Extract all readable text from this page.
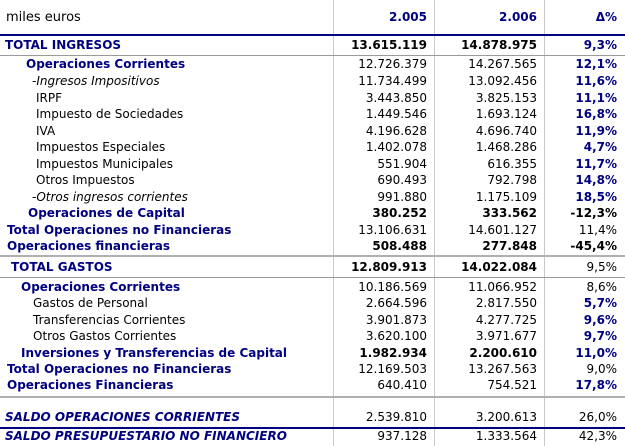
miles euros	2.005	2.006	Δ%
TOTAL INGRESOS	13.615.119	14.878.975	9,3%
Operaciones Corrientes	12.726.379	14.267.565	12,1%
-Ingresos Impositivos	11.734.499	13.092.456	11,6%
IRPF	3.443.850	3.825.153	11,1%
Impuesto de Sociedades	1.449.546	1.693.124	16,8%
IVA	4.196.628	4.696.740	11,9%
Impuestos Especiales	1.402.078	1.468.286	4,7%
Impuestos Municipales	551.904	616.355	11,7%
Otros Impuestos	690.493	792.798	14,8%
-Otros ingresos corrientes	991.880	1.175.109	18,5%
Operaciones de Capital	380.252	333.562	-12,3%
Total Operaciones no Financieras	13.106.631	14.601.127	11,4%
Operaciones financieras	508.488	277.848	-45,4%
TOTAL GASTOS	12.809.913	14.022.084	9,5%
Operaciones Corrientes	10.186.569	11.066.952	8,6%
Gastos de Personal	2.664.596	2.817.550	5,7%
Transferencias Corrientes	3.901.873	4.277.725	9,6%
Otros Gastos Corrientes	3.620.100	3.971.677	9,7%
Inversiones y Transferencias de Capital	1.982.934	2.200.610	11,0%
Total Operaciones no Financieras	12.169.503	13.267.563	9,0%
Operaciones Financieras	640.410	754.521	17,8%
SALDO OPERACIONES CORRIENTES	2.539.810	3.200.613	26,0%
SALDO PRESUPUESTARIO NO FINANCIERO	937.128	1.333.564	42,3%
